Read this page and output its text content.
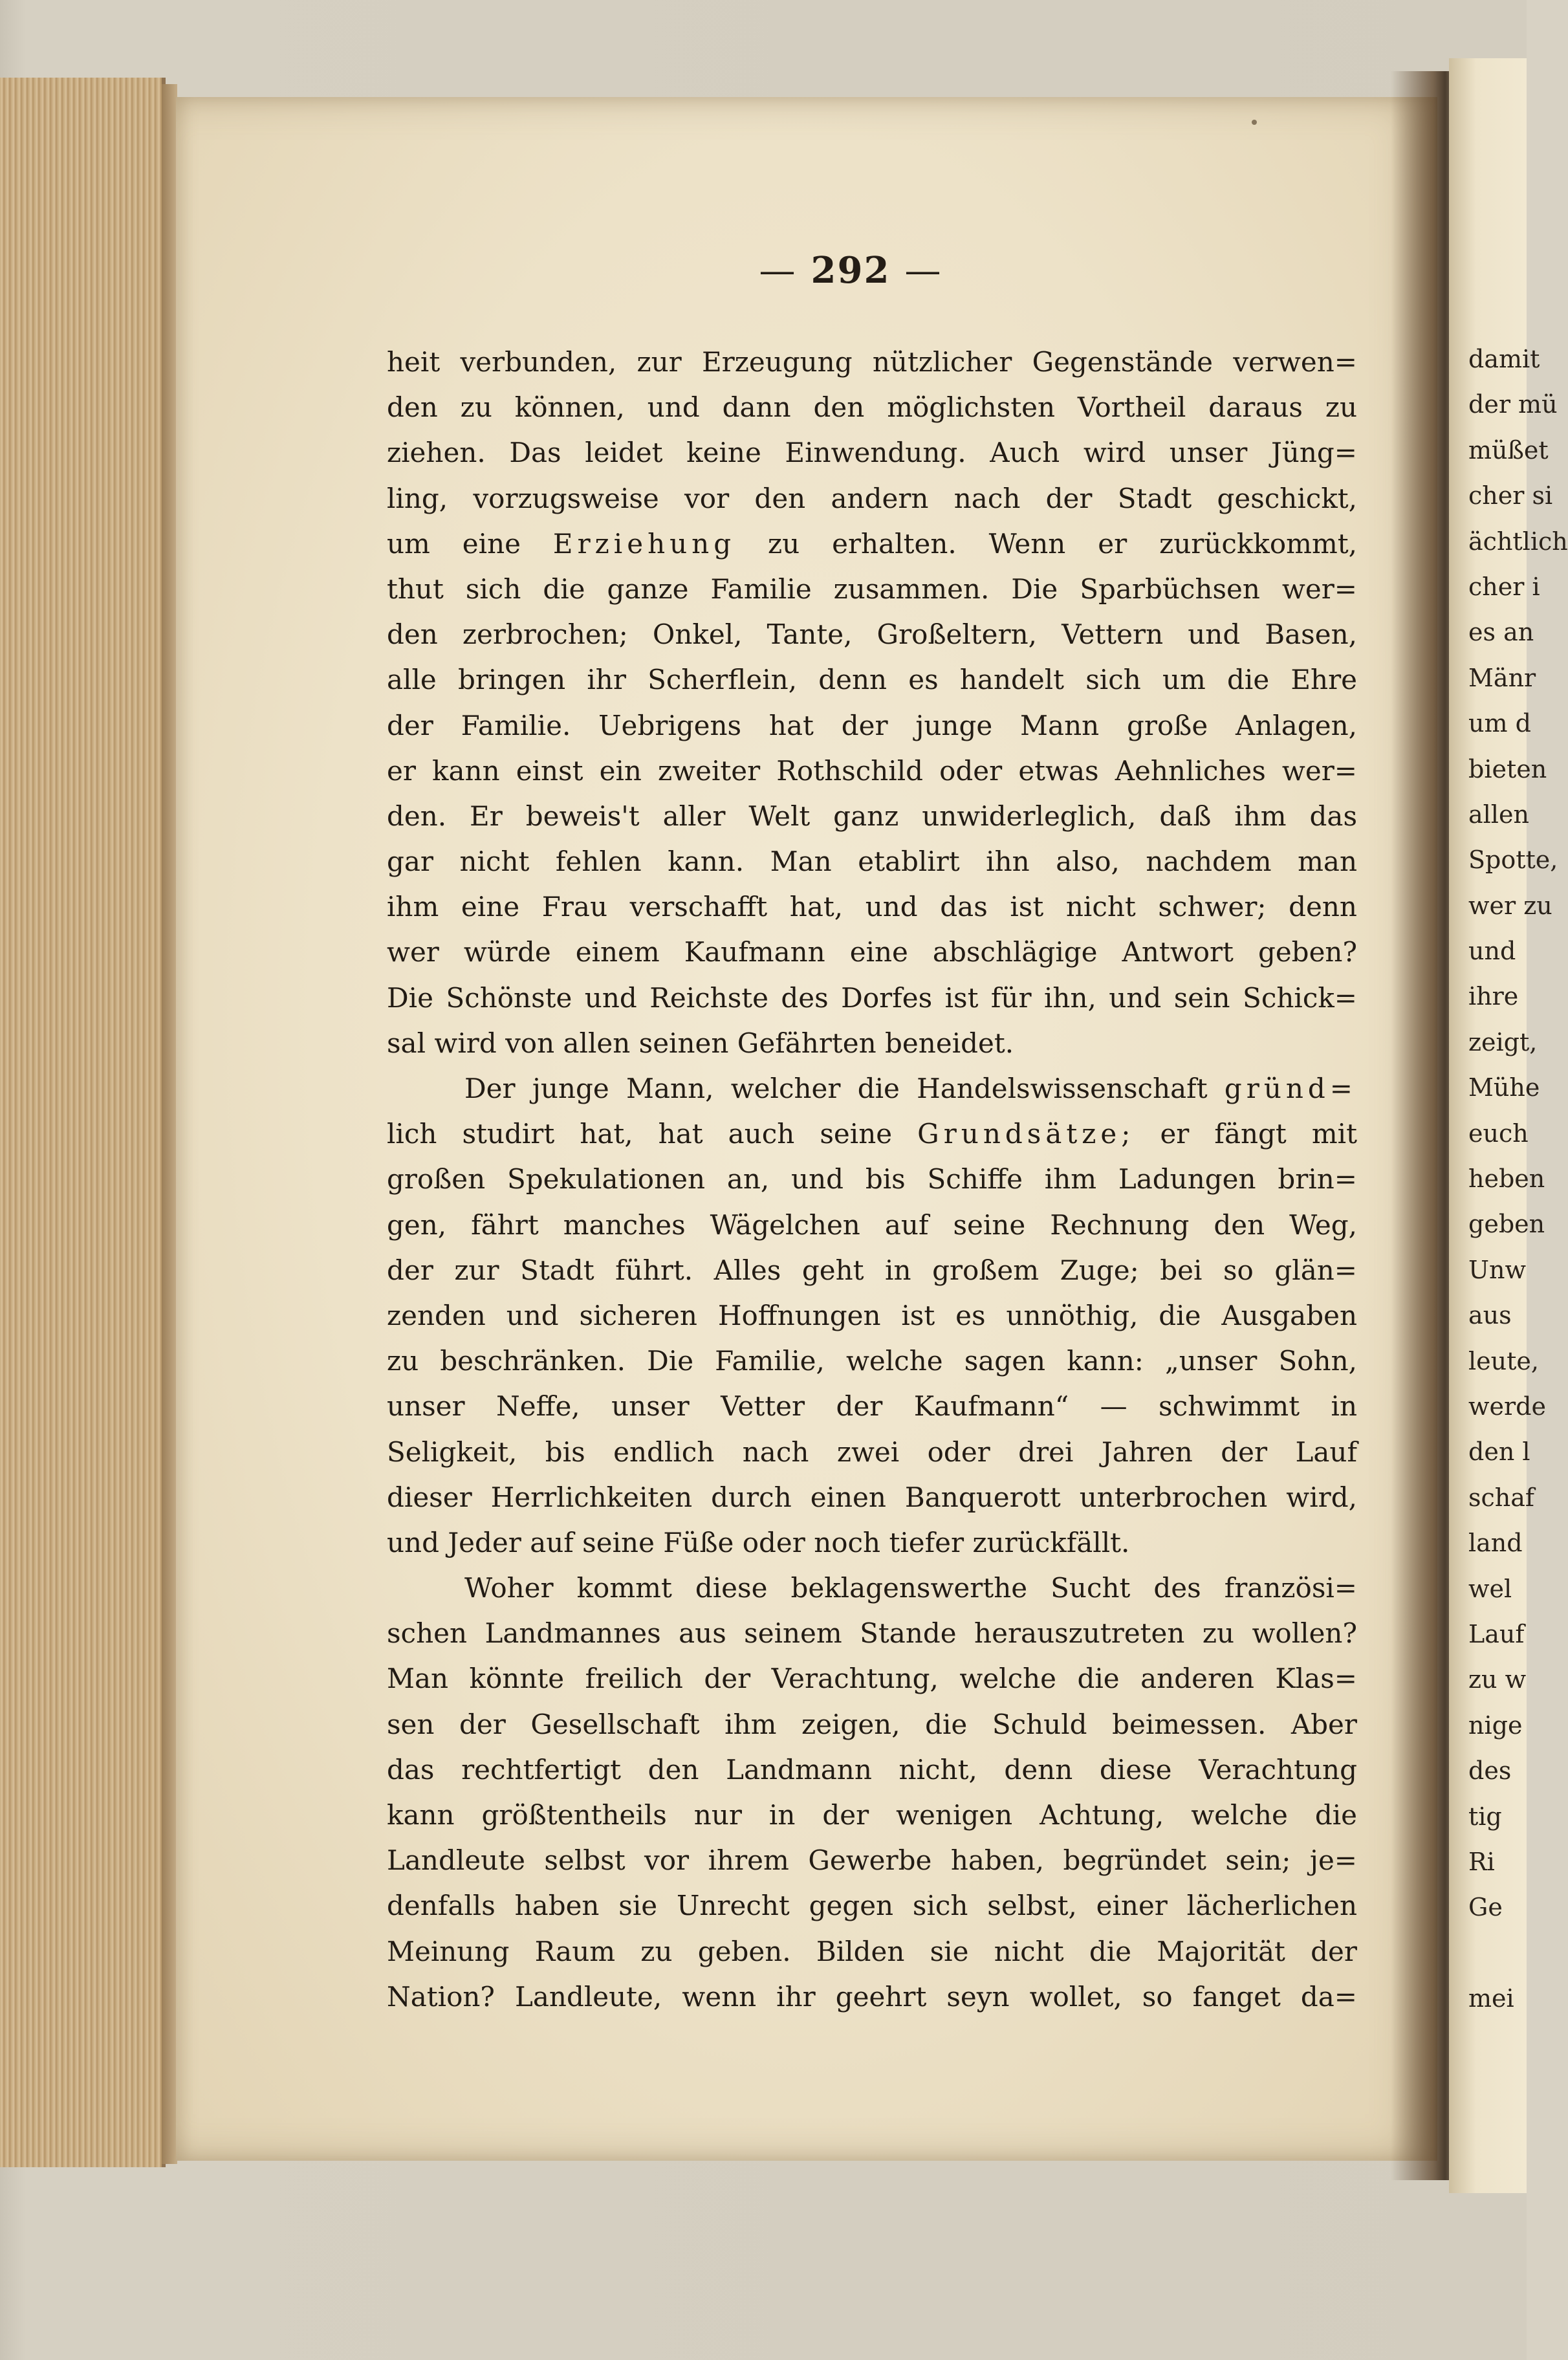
damit
der mü
müßet
cher si
ächtlich
cher i
es an
Mänr
um d
bieten
allen
Spotte,
wer zu
und
ihre
zeigt,
Mühe
euch
heben
geben
Unw
aus
leute,
werde
den l
schaf
land
wel
Lauf
zu w
nige
des
tig
Ri
Ge
mei
— 292 —
heit verbunden, zur Erzeugung nützlicher Gegenstände verwen=
den zu können, und dann den möglichsten Vortheil daraus zu
ziehen. Das leidet keine Einwendung. Auch wird unser Jüng=
ling, vorzugsweise vor den andern nach der Stadt geschickt,
um eine Erziehung zu erhalten. Wenn er zurückkommt,
thut sich die ganze Familie zusammen. Die Sparbüchsen wer=
den zerbrochen; Onkel, Tante, Großeltern, Vettern und Basen,
alle bringen ihr Scherflein, denn es handelt sich um die Ehre
der Familie. Uebrigens hat der junge Mann große Anlagen,
er kann einst ein zweiter Rothschild oder etwas Aehnliches wer=
den. Er beweis't aller Welt ganz unwiderleglich, daß ihm das
gar nicht fehlen kann. Man etablirt ihn also, nachdem man
ihm eine Frau verschafft hat, und das ist nicht schwer; denn
wer würde einem Kaufmann eine abschlägige Antwort geben?
Die Schönste und Reichste des Dorfes ist für ihn, und sein Schick=
sal wird von allen seinen Gefährten beneidet.
Der junge Mann, welcher die Handelswissenschaft gründ=
lich studirt hat, hat auch seine Grundsätze; er fängt mit
großen Spekulationen an, und bis Schiffe ihm Ladungen brin=
gen, fährt manches Wägelchen auf seine Rechnung den Weg,
der zur Stadt führt. Alles geht in großem Zuge; bei so glän=
zenden und sicheren Hoffnungen ist es unnöthig, die Ausgaben
zu beschränken. Die Familie, welche sagen kann: „unser Sohn,
unser Neffe, unser Vetter der Kaufmann“ — schwimmt in
Seligkeit, bis endlich nach zwei oder drei Jahren der Lauf
dieser Herrlichkeiten durch einen Banquerott unterbrochen wird,
und Jeder auf seine Füße oder noch tiefer zurückfällt.
Woher kommt diese beklagenswerthe Sucht des französi=
schen Landmannes aus seinem Stande herauszutreten zu wollen?
Man könnte freilich der Verachtung, welche die anderen Klas=
sen der Gesellschaft ihm zeigen, die Schuld beimessen. Aber
das rechtfertigt den Landmann nicht, denn diese Verachtung
kann größtentheils nur in der wenigen Achtung, welche die
Landleute selbst vor ihrem Gewerbe haben, begründet sein; je=
denfalls haben sie Unrecht gegen sich selbst, einer lächerlichen
Meinung Raum zu geben. Bilden sie nicht die Majorität der
Nation? Landleute, wenn ihr geehrt seyn wollet, so fanget da=
